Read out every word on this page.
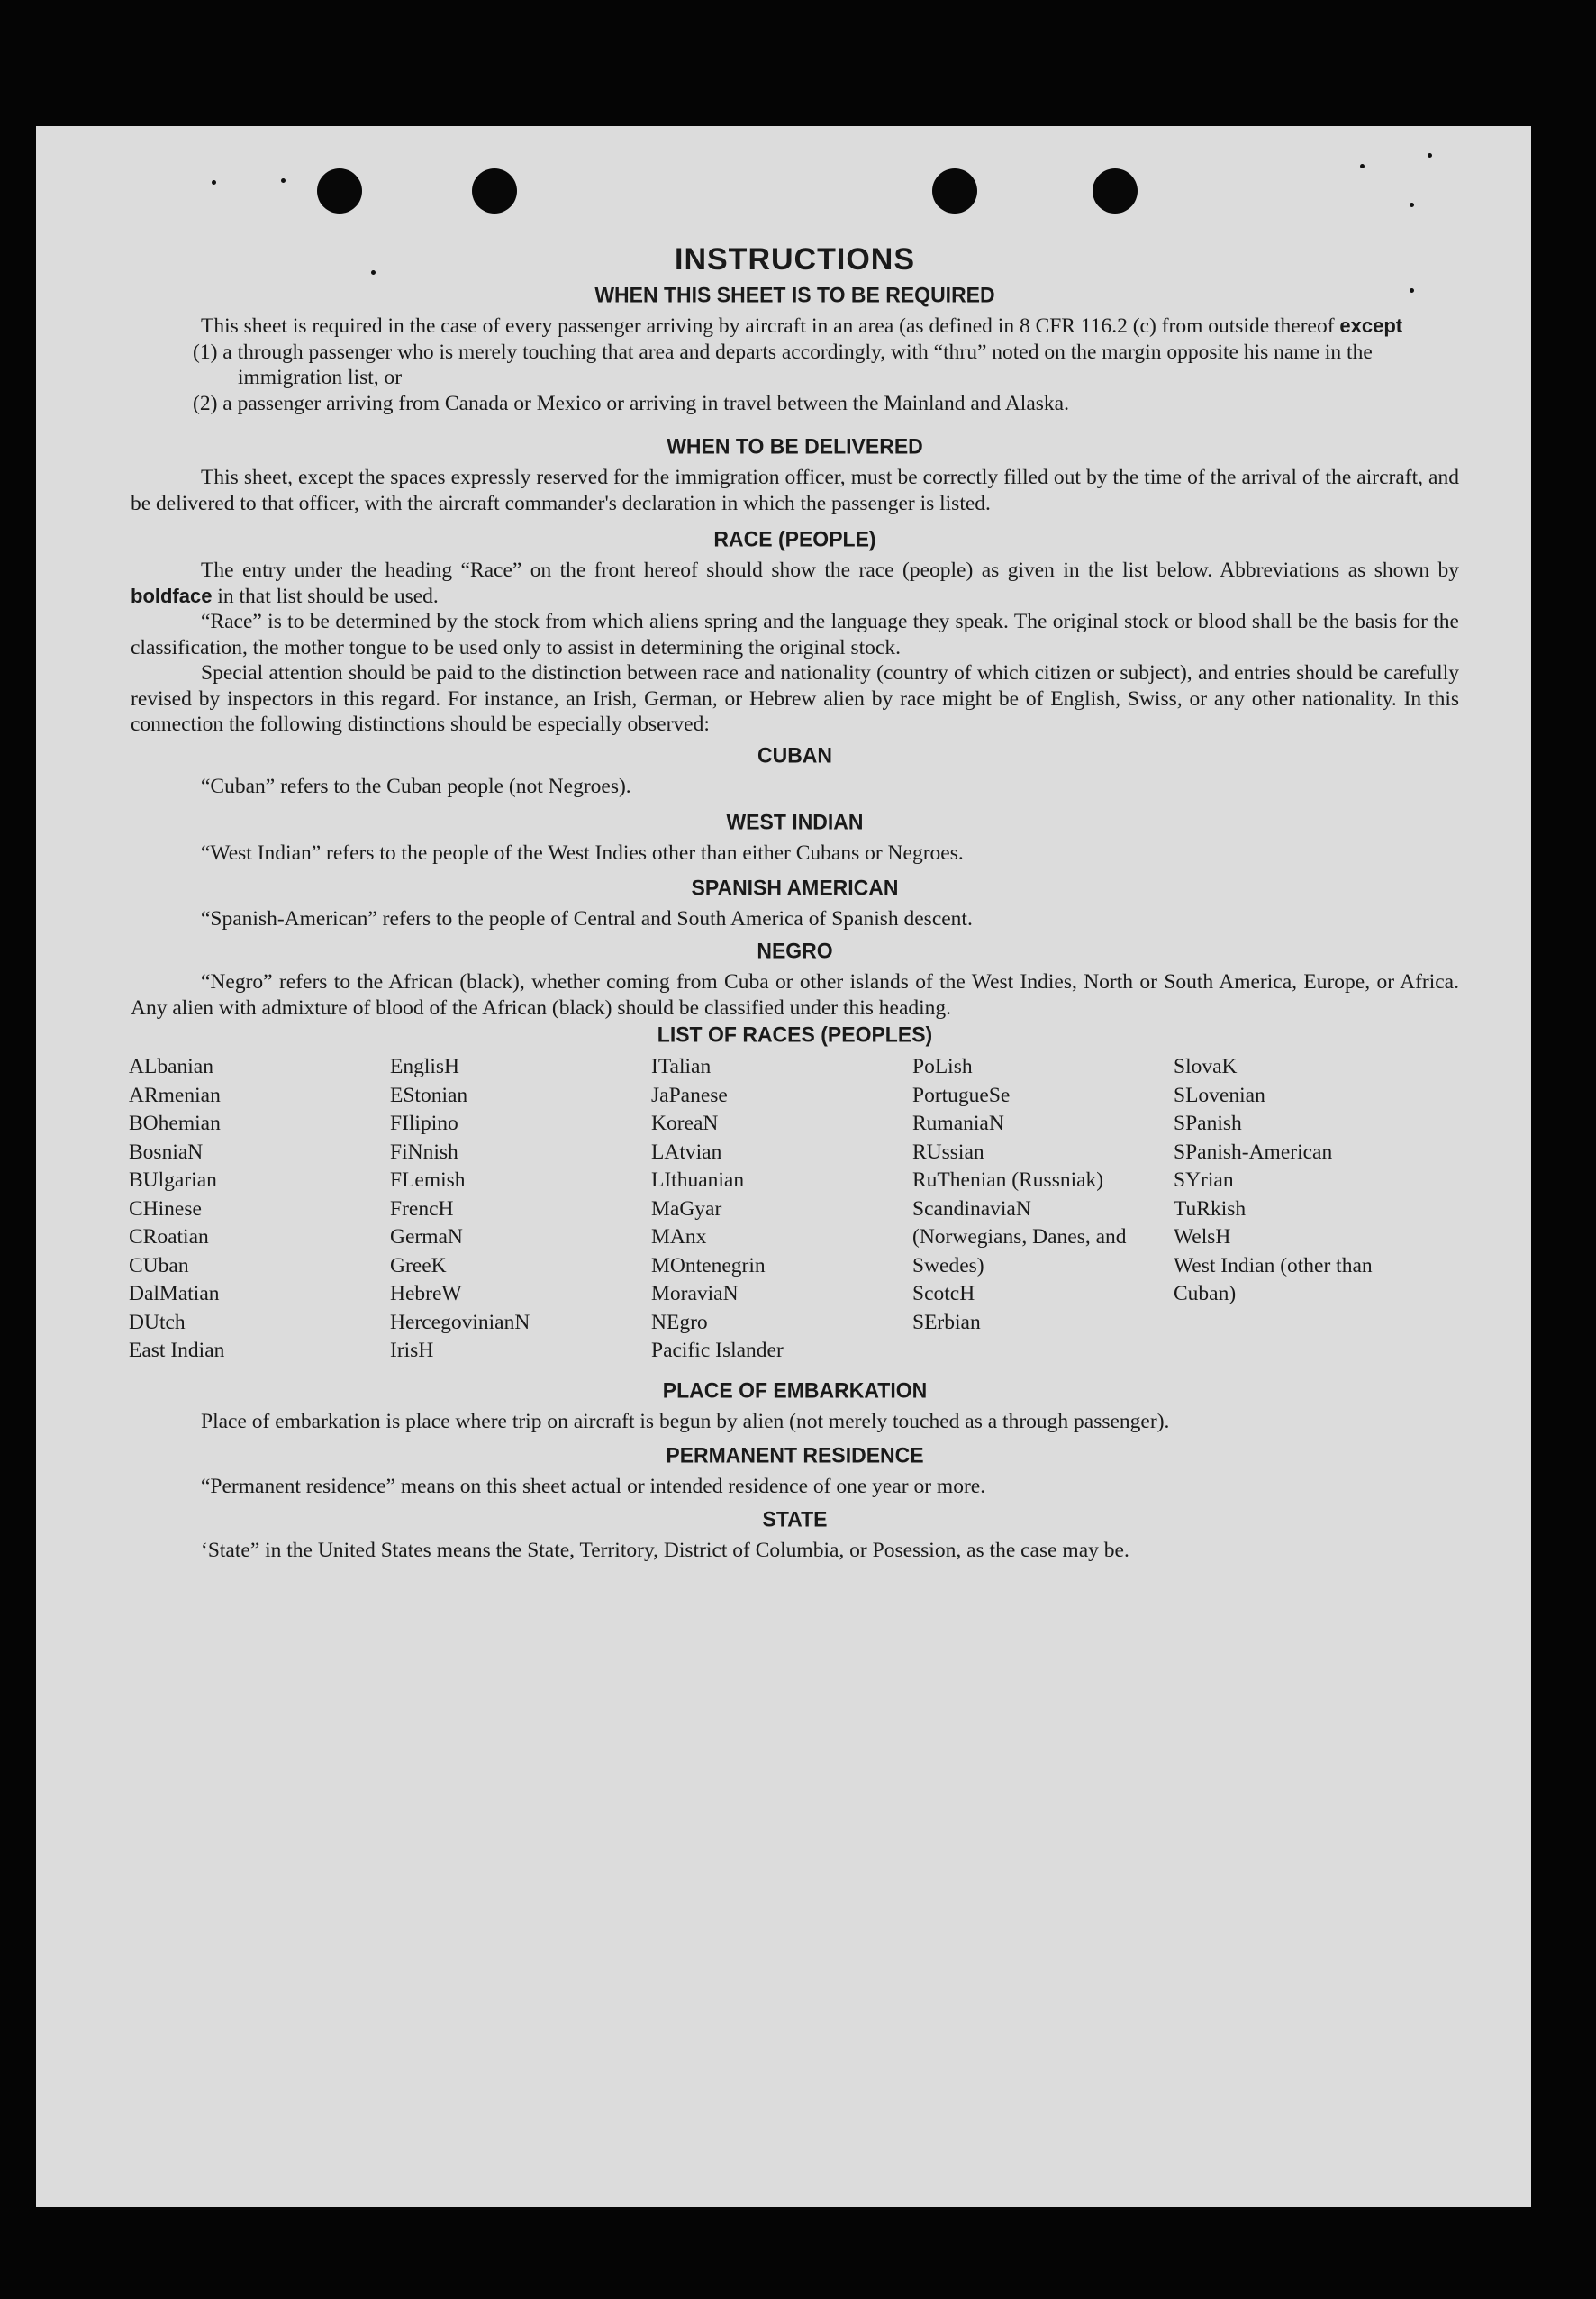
INSTRUCTIONS
WHEN THIS SHEET IS TO BE REQUIRED

This sheet is required in the case of every passenger arriving by aircraft in an area (as defined in 8 CFR 116.2 (c) from outside thereof except

(1) a through passenger who is merely touching that area and departs accordingly, with “thru” noted on the margin opposite his name in the immigration list, or
(2) a passenger arriving from Canada or Mexico or arriving in travel between the Mainland and Alaska.
WHEN TO BE DELIVERED

This sheet, except the spaces expressly reserved for the immigration officer, must be correctly filled out by the time of the arrival of the aircraft, and be delivered to that officer, with the aircraft commander's declaration in which the passenger is listed.

RACE (PEOPLE)

The entry under the heading “Race” on the front hereof should show the race (people) as given in the list below. Abbreviations as shown by boldface in that list should be used.

“Race” is to be determined by the stock from which aliens spring and the language they speak. The original stock or blood shall be the basis for the classification, the mother tongue to be used only to assist in determining the original stock.

Special attention should be paid to the distinction between race and nationality (country of which citizen or subject), and entries should be carefully revised by inspectors in this regard. For instance, an Irish, German, or Hebrew alien by race might be of English, Swiss, or any other nationality. In this connection the following distinctions should be especially observed:

CUBAN

“Cuban” refers to the Cuban people (not Negroes).

WEST INDIAN

“West Indian” refers to the people of the West Indies other than either Cubans or Negroes.

SPANISH AMERICAN

“Spanish-American” refers to the people of Central and South America of Spanish descent.

NEGRO

“Negro” refers to the African (black), whether coming from Cuba or other islands of the West Indies, North or South America, Europe, or Africa. Any alien with admixture of blood of the African (black) should be classified under this heading.

LIST OF RACES (PEOPLES)
ALbanian
ARmenian
BOhemian
BosniaN
BUlgarian
CHinese
CRoatian
CUban
DalMatian
DUtch
East Indian
EnglisH
EStonian
FIlipino
FiNnish
FLemish
FrencH
GermaN
GreeK
HebreW
HercegovinianN
IrisH
ITalian
JaPanese
KoreaN
LAtvian
LIthuanian
MaGyar
MAnx
MOntenegrin
MoraviaN
NEgro
Pacific Islander
PoLish
PortugueSe
RumaniaN
RUssian
RuThenian (Russniak)
ScandinaviaN (Norwegians, Danes, and Swedes)
ScotcH
SErbian
SlovaK
SLovenian
SPanish
SPanish-American
SYrian
TuRkish
WelsH
West Indian (other than Cuban)
PLACE OF EMBARKATION

Place of embarkation is place where trip on aircraft is begun by alien (not merely touched as a through passenger).

PERMANENT RESIDENCE

“Permanent residence” means on this sheet actual or intended residence of one year or more.

STATE

‘State” in the United States means the State, Territory, District of Columbia, or Posession, as the case may be.
